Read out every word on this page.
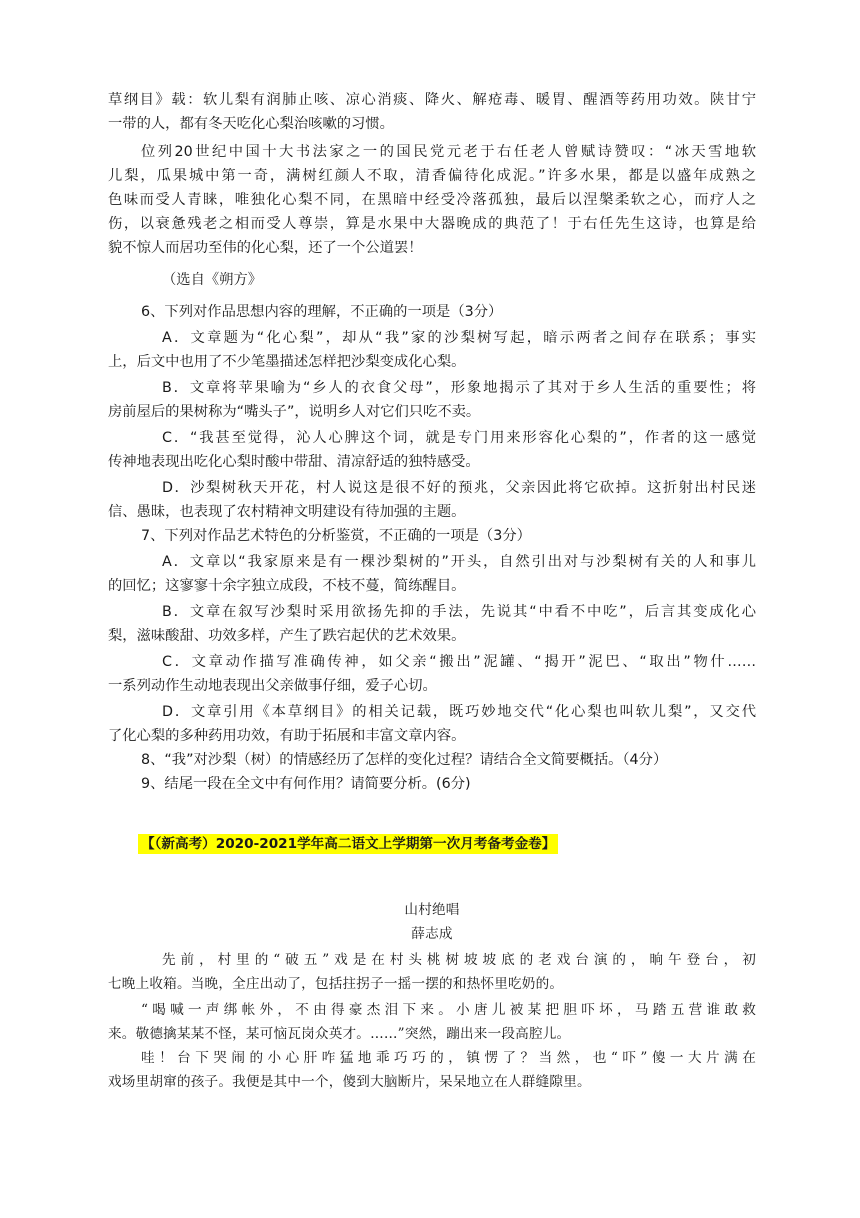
草纲目》载：软儿梨有润肺止咳、凉心消痰、降火、解疮毒、暖胃、醒酒等药用功效。陕甘宁
一带的人，都有冬天吃化心梨治咳嗽的习惯。
位列20世纪中国十大书法家之一的国民党元老于右任老人曾赋诗赞叹：“冰天雪地软
儿梨，瓜果城中第一奇，满树红颜人不取，清香偏待化成泥。”许多水果，都是以盛年成熟之
色味而受人青睐，唯独化心梨不同，在黑暗中经受冷落孤独，最后以涅槃柔软之心，而疗人之
伤，以衰惫残老之相而受人尊崇，算是水果中大器晚成的典范了！于右任先生这诗，也算是给
貌不惊人而居功至伟的化心梨，还了一个公道罢！
（选自《朔方》
6、下列对作品思想内容的理解，不正确的一项是（3分）
A．文章题为“化心梨”，却从“我”家的沙梨树写起，暗示两者之间存在联系；事实
上，后文中也用了不少笔墨描述怎样把沙梨变成化心梨。
B．文章将苹果喻为“乡人的衣食父母”，形象地揭示了其对于乡人生活的重要性；将
房前屋后的果树称为“嘴头子”，说明乡人对它们只吃不卖。
C．“我甚至觉得，沁人心脾这个词，就是专门用来形容化心梨的”，作者的这一感觉
传神地表现出吃化心梨时酸中带甜、清凉舒适的独特感受。
D．沙梨树秋天开花，村人说这是很不好的预兆，父亲因此将它砍掉。这折射出村民迷
信、愚昧，也表现了农村精神文明建设有待加强的主题。
7、下列对作品艺术特色的分析鉴赏，不正确的一项是（3分）
A．文章以“我家原来是有一棵沙梨树的”开头，自然引出对与沙梨树有关的人和事儿
的回忆；这寥寥十余字独立成段，不枝不蔓，简练醒目。
B．文章在叙写沙梨时采用欲扬先抑的手法，先说其“中看不中吃”，后言其变成化心
梨，滋味酸甜、功效多样，产生了跌宕起伏的艺术效果。
C．文章动作描写准确传神，如父亲“搬出”泥罐、“揭开”泥巴、“取出”物什……
一系列动作生动地表现出父亲做事仔细，爱子心切。
D．文章引用《本草纲目》的相关记载，既巧妙地交代“化心梨也叫软儿梨”，又交代
了化心梨的多种药用功效，有助于拓展和丰富文章内容。
8、“我”对沙梨（树）的情感经历了怎样的变化过程？请结合全文简要概括。（4分）
9、结尾一段在全文中有何作用？请简要分析。(6分)
【（新高考）2020-2021学年高二语文上学期第一次月考备考金卷】
山村绝唱
薛志成
先前，村里的“破五”戏是在村头桃树坡坡底的老戏台演的，晌午登台，初
七晚上收箱。当晚，全庄出动了，包括拄拐子一摇一摆的和热怀里吃奶的。
“喝喊一声绑帐外，不由得豪杰泪下来。小唐儿被某把胆吓坏，马踏五营谁敢救
来。敬德擒某某不怪，某可恼瓦岗众英才。……”突然，蹦出来一段高腔儿。
哇！台下哭闹的小心肝咋猛地乖巧巧的，镇愣了？当然，也“吓”傻一大片满在
戏场里胡窜的孩子。我便是其中一个，傻到大脑断片，呆呆地立在人群缝隙里。
